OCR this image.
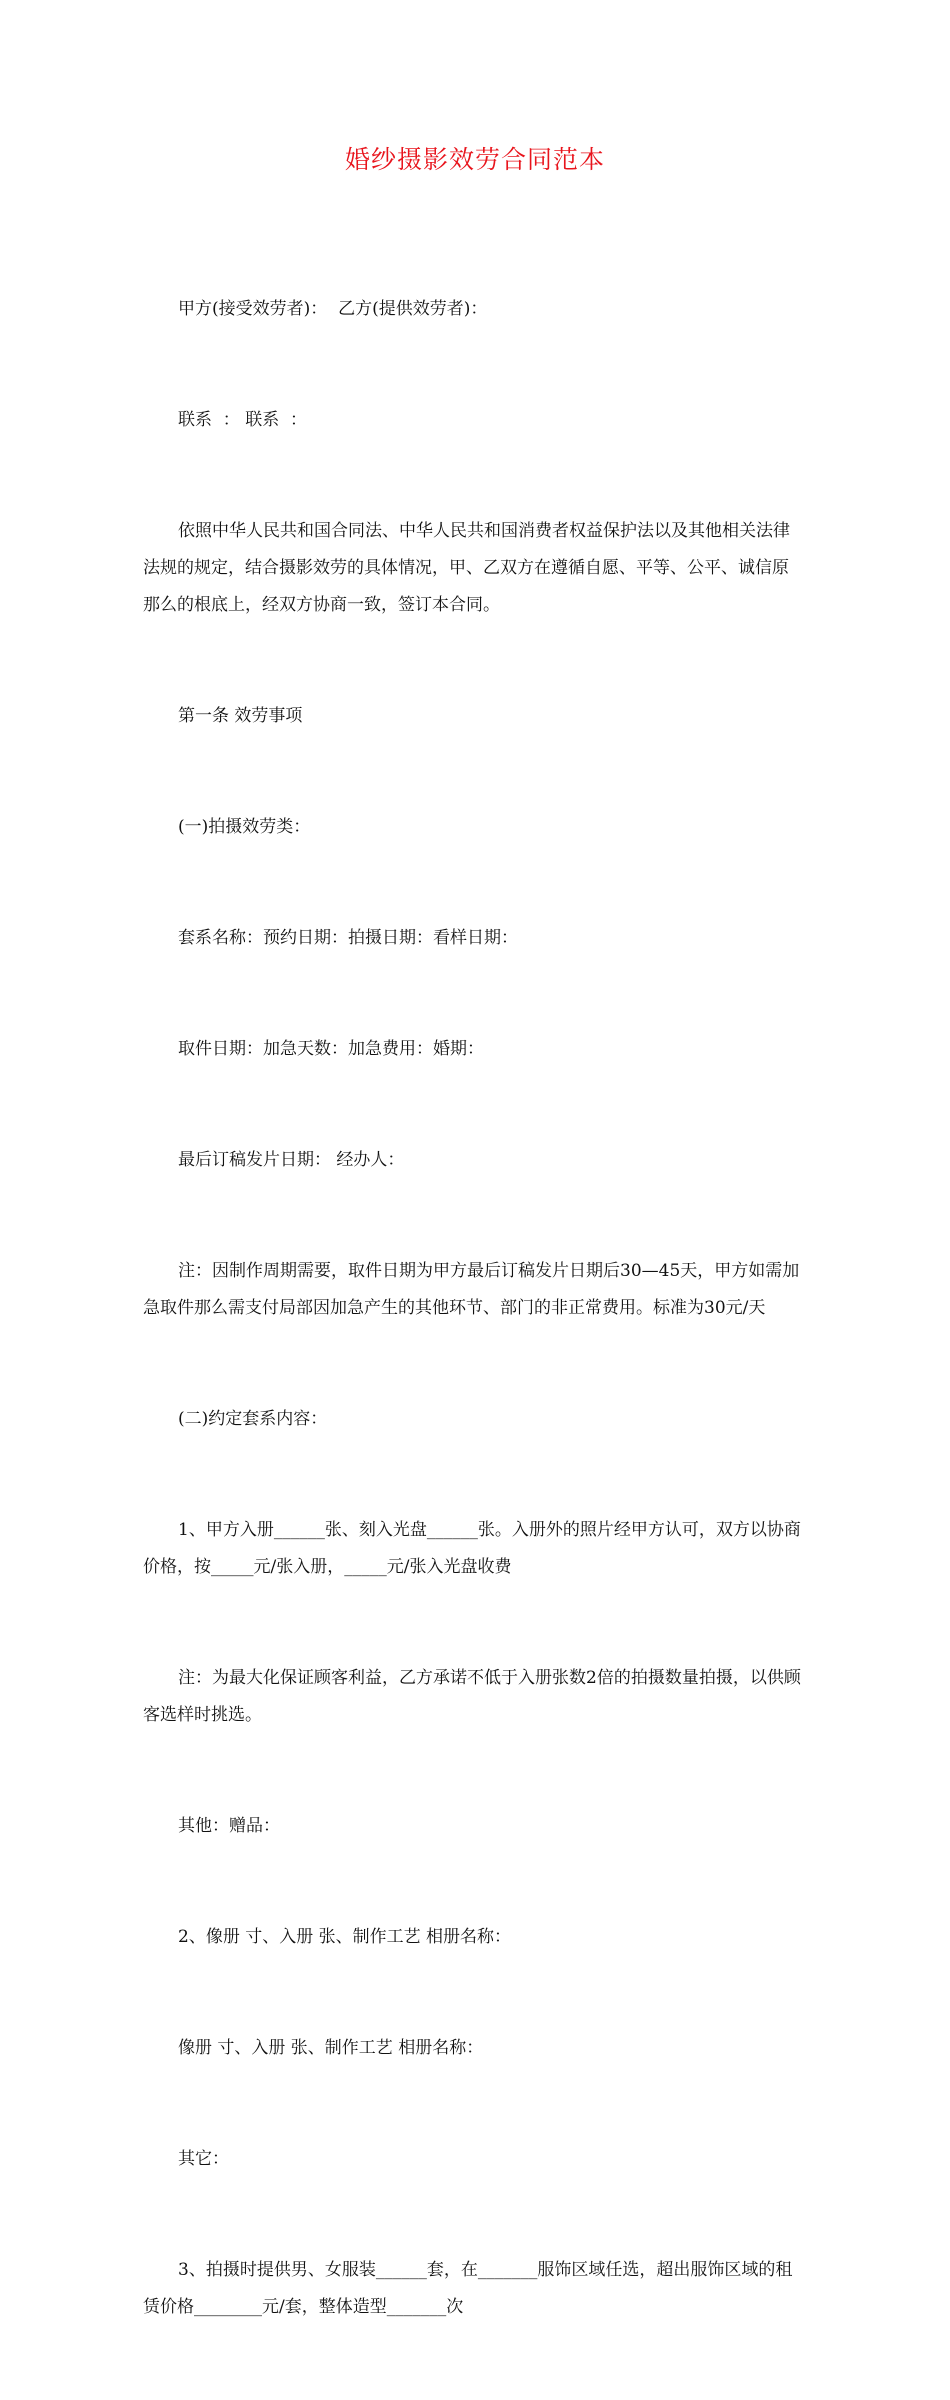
婚纱摄影效劳合同范本

甲方(接受效劳者)：  乙方(提供效劳者)：

联系  ： 联系  ：

依照中华人民共和国合同法、中华人民共和国消费者权益保护法以及其他相关法律法规的规定，结合摄影效劳的具体情况，甲、乙双方在遵循自愿、平等、公平、诚信原那么的根底上，经双方协商一致，签订本合同。

第一条 效劳事项

(一)拍摄效劳类：

套系名称：预约日期：拍摄日期：看样日期：

取件日期：加急天数：加急费用：婚期：

最后订稿发片日期： 经办人：

注：因制作周期需要，取件日期为甲方最后订稿发片日期后30—45天，甲方如需加急取件那么需支付局部因加急产生的其他环节、部门的非正常费用。标准为30元/天

(二)约定套系内容：

1、甲方入册______张、刻入光盘______张。入册外的照片经甲方认可，双方以协商价格，按_____元/张入册，_____元/张入光盘收费

注：为最大化保证顾客利益，乙方承诺不低于入册张数2倍的拍摄数量拍摄，以供顾客选样时挑选。

其他：赠品：

2、像册 寸、入册 张、制作工艺 相册名称：

像册 寸、入册 张、制作工艺 相册名称：

其它：

3、拍摄时提供男、女服装______套，在_______服饰区域任选，超出服饰区域的租赁价格________元/套，整体造型_______次
